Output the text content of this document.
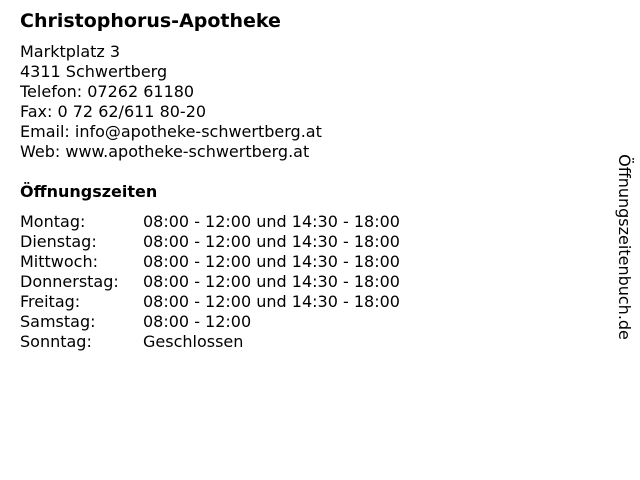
Christophorus-Apotheke
Marktplatz 3
4311 Schwertberg
Telefon: 07262 61180
Fax: 0 72 62/611 80-20
Email: info@apotheke-schwertberg.at
Web: www.apotheke-schwertberg.at
Öffnungszeiten
Montag:	08:00 - 12:00 und 14:30 - 18:00
Dienstag:	08:00 - 12:00 und 14:30 - 18:00
Mittwoch:	08:00 - 12:00 und 14:30 - 18:00
Donnerstag: 08:00 - 12:00 und 14:30 - 18:00
Freitag:	08:00 - 12:00 und 14:30 - 18:00
Samstag:	08:00 - 12:00
Sonntag:	Geschlossen
Öffnungszeitenbuch.de
